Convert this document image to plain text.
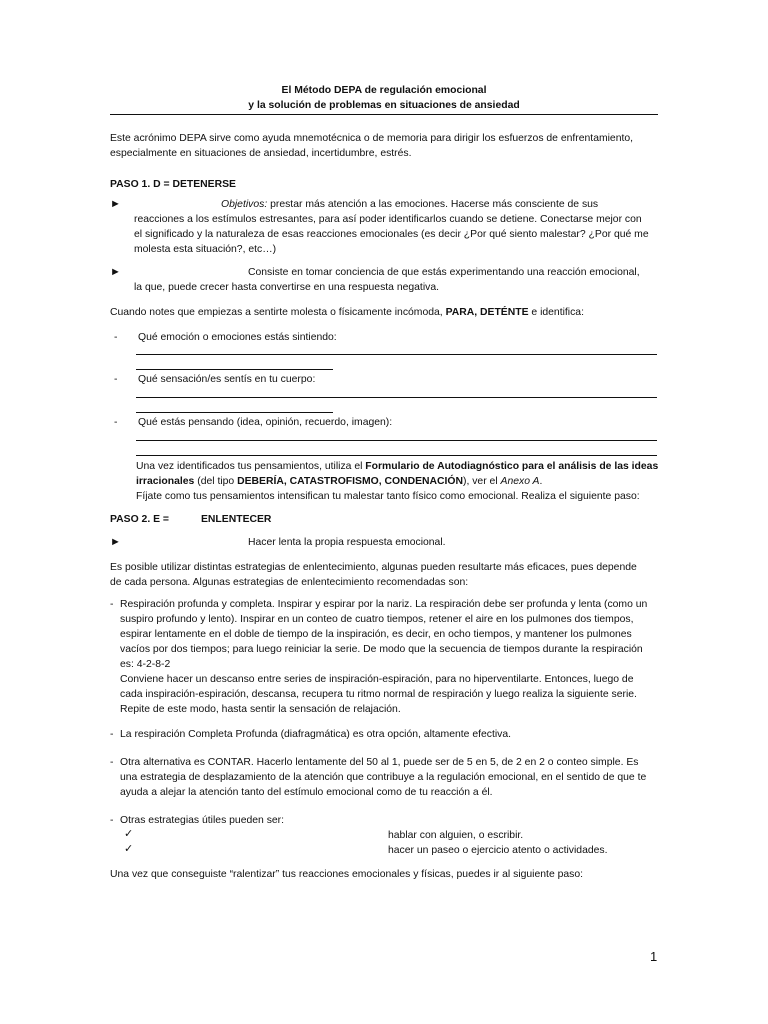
El Método DEPA de regulación emocional
y la solución de problemas en situaciones de ansiedad
Este acrónimo DEPA sirve como ayuda mnemotécnica o de memoria para dirigir los esfuerzos de enfrentamiento,
especialmente en situaciones de ansiedad, incertidumbre, estrés.
PASO 1. D = DETENERSE
►	Objetivos: prestar más atención a las emociones. Hacerse más consciente de sus
reacciones a los estímulos estresantes, para así poder identificarlos cuando se detiene. Conectarse mejor con
el significado y la naturaleza de esas reacciones emocionales (es decir ¿Por qué siento malestar? ¿Por qué me
molesta esta situación?, etc…)
►	Consiste en tomar conciencia de que estás experimentando una reacción emocional,
la que, puede crecer hasta convertirse en una respuesta negativa.
Cuando notes que empiezas a sentirte molesta o físicamente incómoda, PARA, DETÉNTE e identifica:
- Qué emoción o emociones estás sintiendo:
- Qué sensación/es sentís en tu cuerpo:
- Qué estás pensando (idea, opinión, recuerdo, imagen):
Una vez identificados tus pensamientos, utiliza el Formulario de Autodiagnóstico para el análisis de las ideas
irracionales (del tipo DEBERÍA, CATASTROFISMO, CONDENACIÓN), ver el Anexo A.
Fíjate como tus pensamientos intensifican tu malestar tanto físico como emocional. Realiza el siguiente paso:
PASO 2. E =	ENLENTECER
►	Hacer lenta la propia respuesta emocional.
Es posible utilizar distintas estrategias de enlentecimiento, algunas pueden resultarte más eficaces, pues depende
de cada persona. Algunas estrategias de enlentecimiento recomendadas son:
- Respiración profunda y completa. Inspirar y espirar por la nariz. La respiración debe ser profunda y lenta (como un
suspiro profundo y lento). Inspirar en un conteo de cuatro tiempos, retener el aire en los pulmones dos tiempos,
espirar lentamente en el doble de tiempo de la inspiración, es decir, en ocho tiempos, y mantener los pulmones
vacíos por dos tiempos; para luego reiniciar la serie. De modo que la secuencia de tiempos durante la respiración
es: 4-2-8-2
Conviene hacer un descanso entre series de inspiración-espiración, para no hiperventilarte. Entonces, luego de
cada inspiración-espiración, descansa, recupera tu ritmo normal de respiración y luego realiza la siguiente serie.
Repite de este modo, hasta sentir la sensación de relajación.
- La respiración Completa Profunda (diafragmática) es otra opción, altamente efectiva.
- Otra alternativa es CONTAR. Hacerlo lentamente del 50 al 1, puede ser de 5 en 5, de 2 en 2 o conteo simple. Es
una estrategia de desplazamiento de la atención que contribuye a la regulación emocional, en el sentido de que te
ayuda a alejar la atención tanto del estímulo emocional como de tu reacción a él.
- Otras estrategias útiles pueden ser:
✓	hablar con alguien, o escribir.
✓	hacer un paseo o ejercicio atento o actividades.
Una vez que conseguiste “ralentizar” tus reacciones emocionales y físicas, puedes ir al siguiente paso:
1
